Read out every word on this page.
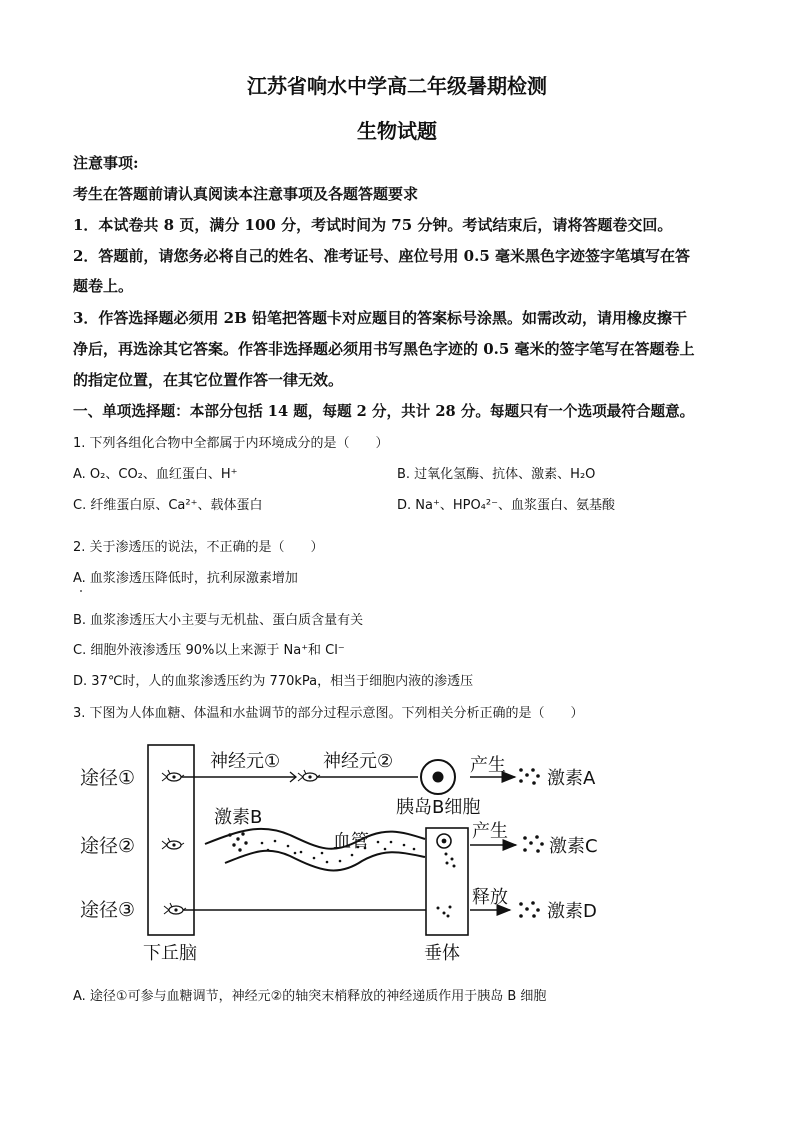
江苏省响水中学高二年级暑期检测
生物试题
注意事项:
考生在答题前请认真阅读本注意事项及各题答题要求
1．本试卷共 8 页，满分 100 分，考试时间为 75 分钟。考试结束后，请将答题卷交回。
2．答题前，请您务必将自己的姓名、准考证号、座位号用 0.5 毫米黑色字迹签字笔填写在答
题卷上。
3．作答选择题必须用 2B 铅笔把答题卡对应题目的答案标号涂黑。如需改动，请用橡皮擦干
净后，再选涂其它答案。作答非选择题必须用书写黑色字迹的 0.5 毫米的签字笔写在答题卷上
的指定位置，在其它位置作答一律无效。
一、单项选择题：本部分包括 14 题，每题 2 分，共计 28 分。每题只有一个选项最符合题意。
1. 下列各组化合物中全都属于内环境成分的是（　　）
A. O₂、CO₂、血红蛋白、H⁺	B. 过氧化氢酶、抗体、激素、H₂O
C. 纤维蛋白原、Ca²⁺、载体蛋白	D. Na⁺、HPO₄²⁻、血浆蛋白、氨基酸
2. 关于渗透压的说法，不正确的是（　　）
A. 血浆渗透压降低时，抗利尿激素增加
B. 血浆渗透压大小主要与无机盐、蛋白质含量有关
C. 细胞外液渗透压 90%以上来源于 Na⁺和 Cl⁻
D. 37℃时，人的血浆渗透压约为 770kPa，相当于细胞内液的渗透压
3. 下图为人体血糖、体温和水盐调节的部分过程示意图。下列相关分析正确的是（　　）
下丘脑
途径①
途径②
途径③
神经元① 神经元②
胰岛B细胞
产生
激素A
激素B
血管
垂体
产生
激素C
释放
激素D
A. 途径①可参与血糖调节，神经元②的轴突末梢释放的神经递质作用于胰岛 B 细胞
